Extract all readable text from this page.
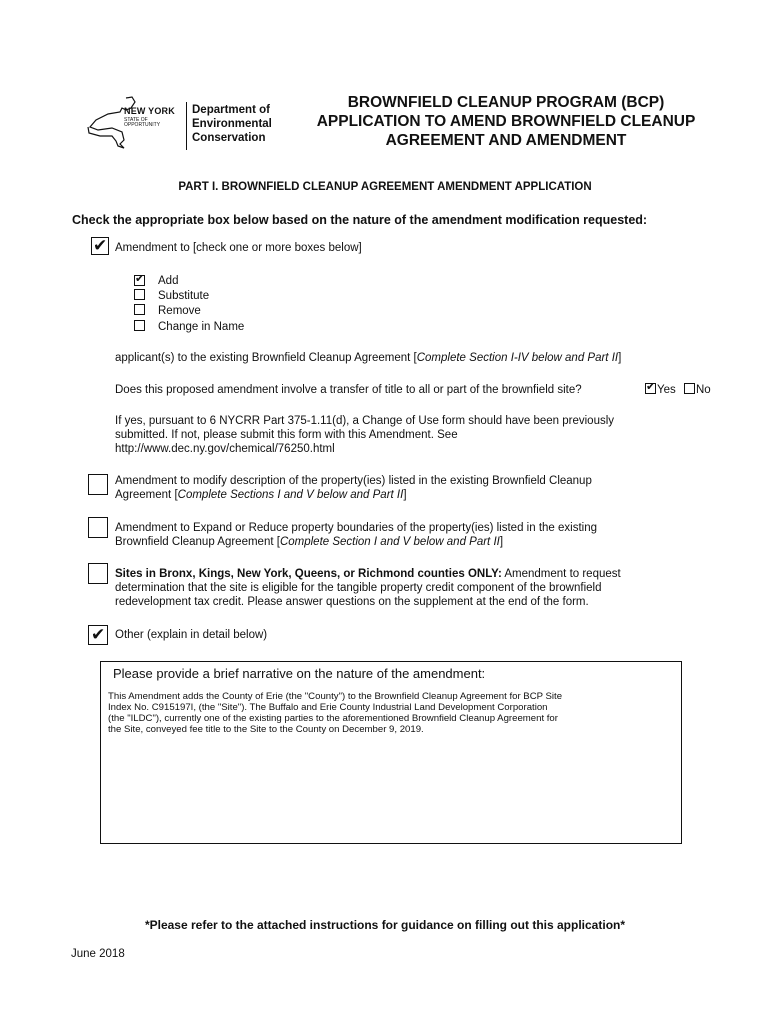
NEW YORK
STATE OF
OPPORTUNITY
Department of
Environmental
Conservation
BROWNFIELD CLEANUP PROGRAM (BCP)
APPLICATION TO AMEND BROWNFIELD CLEANUP
AGREEMENT AND AMENDMENT
PART I. BROWNFIELD CLEANUP AGREEMENT AMENDMENT APPLICATION
Check the appropriate box below based on the nature of the amendment modification requested:
✔ Amendment to [check one or more boxes below]
✔ Add
Substitute
Remove
Change in Name
applicant(s) to the existing Brownfield Cleanup Agreement [Complete Section I-IV below and Part II]
Does this proposed amendment involve a transfer of title to all or part of the brownfield site?	✔ Yes No
If yes, pursuant to 6 NYCRR Part 375-1.11(d), a Change of Use form should have been previously
submitted. If not, please submit this form with this Amendment. See
http://www.dec.ny.gov/chemical/76250.html
Amendment to modify description of the property(ies) listed in the existing Brownfield Cleanup
Agreement [Complete Sections I and V below and Part II]
Amendment to Expand or Reduce property boundaries of the property(ies) listed in the existing
Brownfield Cleanup Agreement [Complete Section I and V below and Part II]
Sites in Bronx, Kings, New York, Queens, or Richmond counties ONLY: Amendment to request
determination that the site is eligible for the tangible property credit component of the brownfield
redevelopment tax credit. Please answer questions on the supplement at the end of the form.
✔ Other (explain in detail below)
Please provide a brief narrative on the nature of the amendment:
This Amendment adds the County of Erie (the "County") to the Brownfield Cleanup Agreement for BCP Site
Index No. C915197I, (the "Site"). The Buffalo and Erie County Industrial Land Development Corporation
(the "ILDC"), currently one of the existing parties to the aforementioned Brownfield Cleanup Agreement for
the Site, conveyed fee title to the Site to the County on December 9, 2019.
*Please refer to the attached instructions for guidance on filling out this application*
June 2018
